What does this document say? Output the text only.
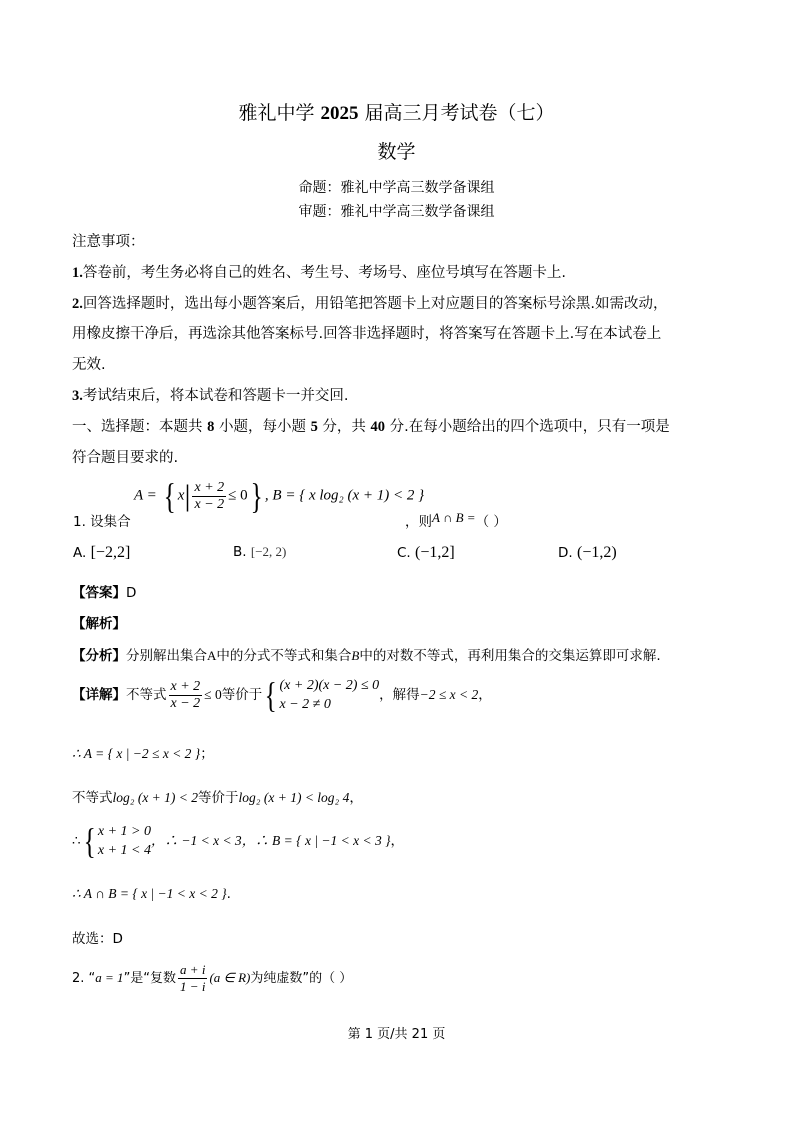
雅礼中学 2025 届高三月考试卷（七）
数学
命题：雅礼中学高三数学备课组
审题：雅礼中学高三数学备课组
注意事项：
1.答卷前，考生务必将自己的姓名、考生号、考场号、座位号填写在答题卡上.
2.回答选择题时，选出每小题答案后，用铅笔把答题卡上对应题目的答案标号涂黑.如需改动，
用橡皮擦干净后，再选涂其他答案标号.回答非选择题时，将答案写在答题卡上.写在本试卷上
无效.
3.考试结束后，将本试卷和答题卡一并交回.
一、选择题：本题共 8 小题，每小题 5 分，共 40 分.在每小题给出的四个选项中，只有一项是
符合题目要求的.
A = { $x| \frac{x + 2}{x - 2} \le 0$} , B = { x log₂ (x + 1) < 2 }
1. 设集合	，则A ∩ B =（ ）
A. [−2,2]	B. [−2, 2)	C. (−1,2]	D. (−1,2)
【答案】D
【解析】
【分析】分别解出集合A中的分式不等式和集合B中的对数不等式，再利用集合的交集运算即可求解.
【详解】不等式 $\frac{x + 2}{x - 2} \le 0$等价于{ (x + 2)(x − 2) ≤ 0
x − 2 ≠ 0
，解得−2 ≤ x < 2，
∴ A = { x | −2 ≤ x < 2 }；
不等式log₂ (x + 1) < 2等价于log₂ (x + 1) < log₂ 4，
∴{ x + 1 > 0
x + 1 < 4
，∴ −1 < x < 3，∴ B = { x | −1 < x < 3 }，
∴ A ∩ B = { x | −1 < x < 2 }.
故选：D
2. “a = 1”是“复数 $\frac{a + i}{1 - i} (a$ ∈ R)为纯虚数”的（ ）
第 1 页/共 21 页
